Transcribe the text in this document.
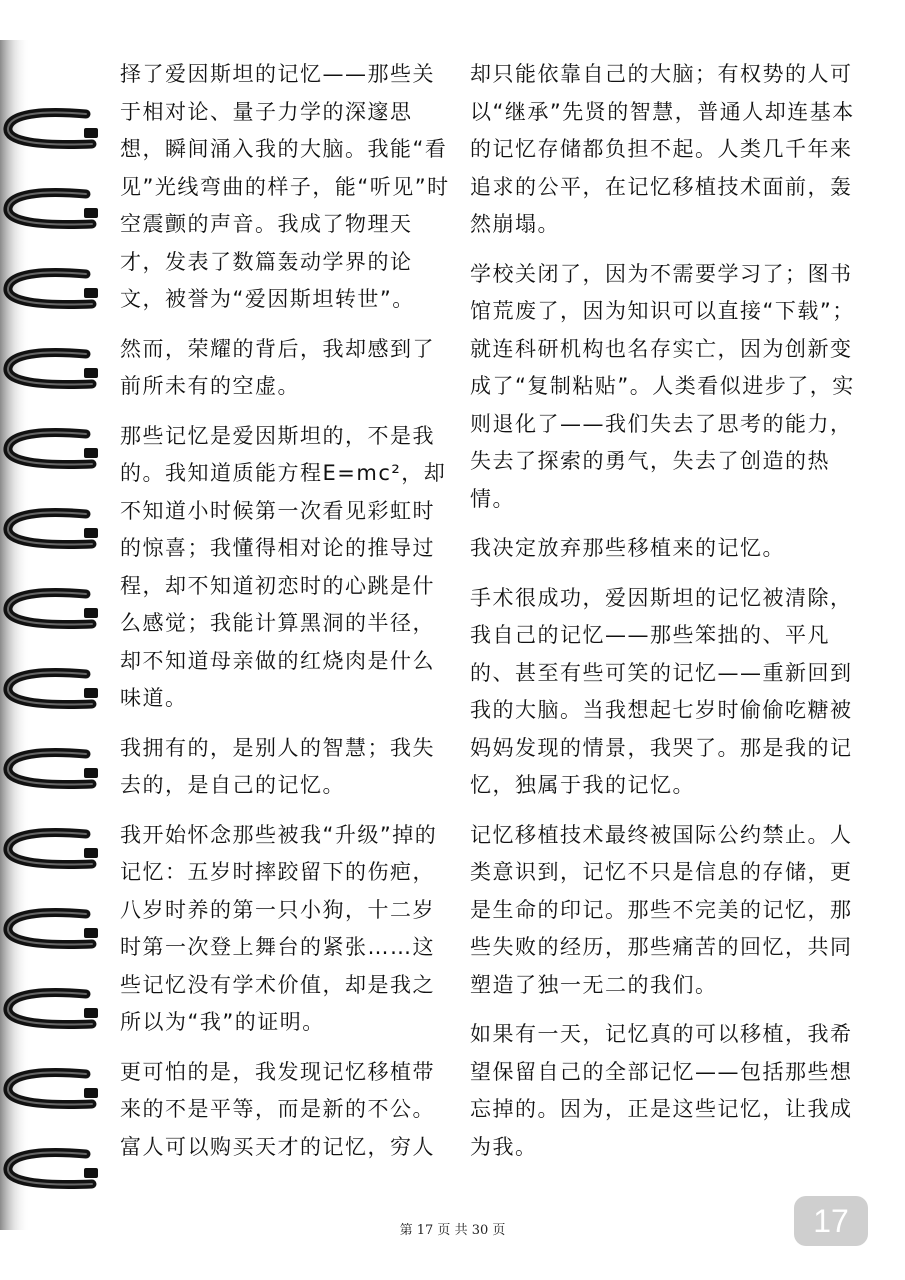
择了爱因斯坦的记忆——那些关于相对论、量子力学的深邃思想，瞬间涌入我的大脑。我能“看见”光线弯曲的样子，能“听见”时空震颤的声音。我成了物理天才，发表了数篇轰动学界的论文，被誉为“爱因斯坦转世”。

然而，荣耀的背后，我却感到了前所未有的空虚。

那些记忆是爱因斯坦的，不是我的。我知道质能方程E=mc²，却不知道小时候第一次看见彩虹时的惊喜；我懂得相对论的推导过程，却不知道初恋时的心跳是什么感觉；我能计算黑洞的半径，却不知道母亲做的红烧肉是什么味道。

我拥有的，是别人的智慧；我失去的，是自己的记忆。

我开始怀念那些被我“升级”掉的记忆：五岁时摔跤留下的伤疤，八岁时养的第一只小狗，十二岁时第一次登上舞台的紧张……这些记忆没有学术价值，却是我之所以为“我”的证明。

更可怕的是，我发现记忆移植带来的不是平等，而是新的不公。富人可以购买天才的记忆，穷人

却只能依靠自己的大脑；有权势的人可以“继承”先贤的智慧，普通人却连基本的记忆存储都负担不起。人类几千年来追求的公平，在记忆移植技术面前，轰然崩塌。

学校关闭了，因为不需要学习了；图书馆荒废了，因为知识可以直接“下载”；就连科研机构也名存实亡，因为创新变成了“复制粘贴”。人类看似进步了，实则退化了——我们失去了思考的能力，失去了探索的勇气，失去了创造的热情。

我决定放弃那些移植来的记忆。

手术很成功，爱因斯坦的记忆被清除，我自己的记忆——那些笨拙的、平凡的、甚至有些可笑的记忆——重新回到我的大脑。当我想起七岁时偷偷吃糖被妈妈发现的情景，我哭了。那是我的记忆，独属于我的记忆。

记忆移植技术最终被国际公约禁止。人类意识到，记忆不只是信息的存储，更是生命的印记。那些不完美的记忆，那些失败的经历，那些痛苦的回忆，共同塑造了独一无二的我们。

如果有一天，记忆真的可以移植，我希望保留自己的全部记忆——包括那些想忘掉的。因为，正是这些记忆，让我成为我。

第 17 页 共 30 页	17
